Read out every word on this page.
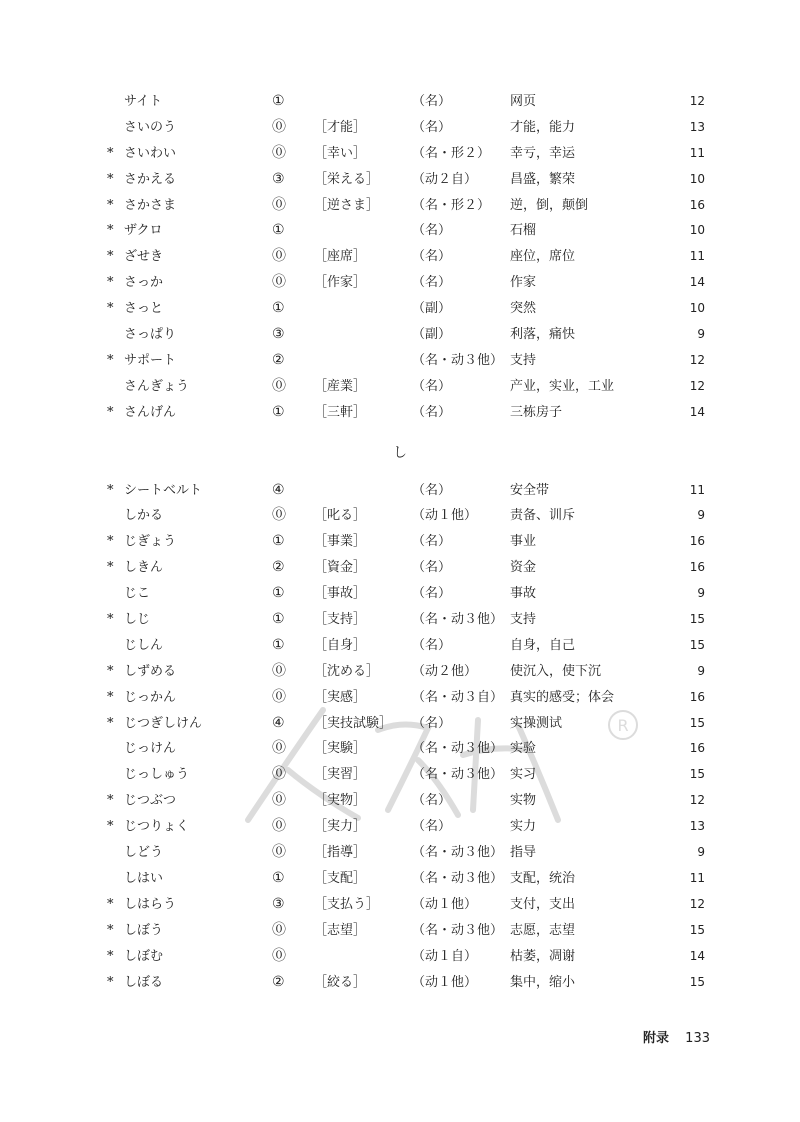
R
サイト	①	（名）	网页	12
さいのう	⓪ ［才能］	（名）	才能，能力	13
* さいわい	⓪ ［幸い］	（名・形２） 幸亏，幸运	11
* さかえる	③ ［栄える］	（动２自）	昌盛，繁荣	10
* さかさま	⓪ ［逆さま］	（名・形２） 逆，倒，颠倒	16
* ザクロ	①	（名）	石榴	10
* ざせき	⓪ ［座席］	（名）	座位，席位	11
* さっか	⓪ ［作家］	（名）	作家	14
* さっと	①	（副）	突然	10
さっぱり	③	（副）	利落，痛快	9
* サポート	②	（名・动３他） 支持	12
さんぎょう	⓪ ［産業］	（名）	产业，实业，工业	12
* さんげん	① ［三軒］	（名）	三栋房子	14
し
* シートベルト	④	（名）	安全带	11
しかる	⓪ ［叱る］	（动１他）	责备、训斥	9
* じぎょう	① ［事業］	（名）	事业	16
* しきん	② ［資金］	（名）	资金	16
じこ	① ［事故］	（名）	事故	9
* しじ	① ［支持］	（名・动３他） 支持	15
じしん	① ［自身］	（名）	自身，自己	15
* しずめる	⓪ ［沈める］	（动２他）	使沉入，使下沉	9
* じっかん	⓪ ［実感］	（名・动３自） 真实的感受；体会	16
* じつぎしけん	④ ［実技試験］ （名）	实操测试	15
じっけん	⓪ ［実験］	（名・动３他） 实验	16
じっしゅう	⓪ ［実習］	（名・动３他） 实习	15
* じつぶつ	⓪ ［実物］	（名）	实物	12
* じつりょく	⓪ ［実力］	（名）	实力	13
しどう	⓪ ［指導］	（名・动３他） 指导	9
しはい	① ［支配］	（名・动３他） 支配，统治	11
* しはらう	③ ［支払う］	（动１他）	支付，支出	12
* しぼう	⓪ ［志望］	（名・动３他） 志愿，志望	15
* しぼむ	⓪	（动１自）	枯萎，凋谢	14
* しぼる	② ［絞る］	（动１他）	集中，缩小	15
附录 133
